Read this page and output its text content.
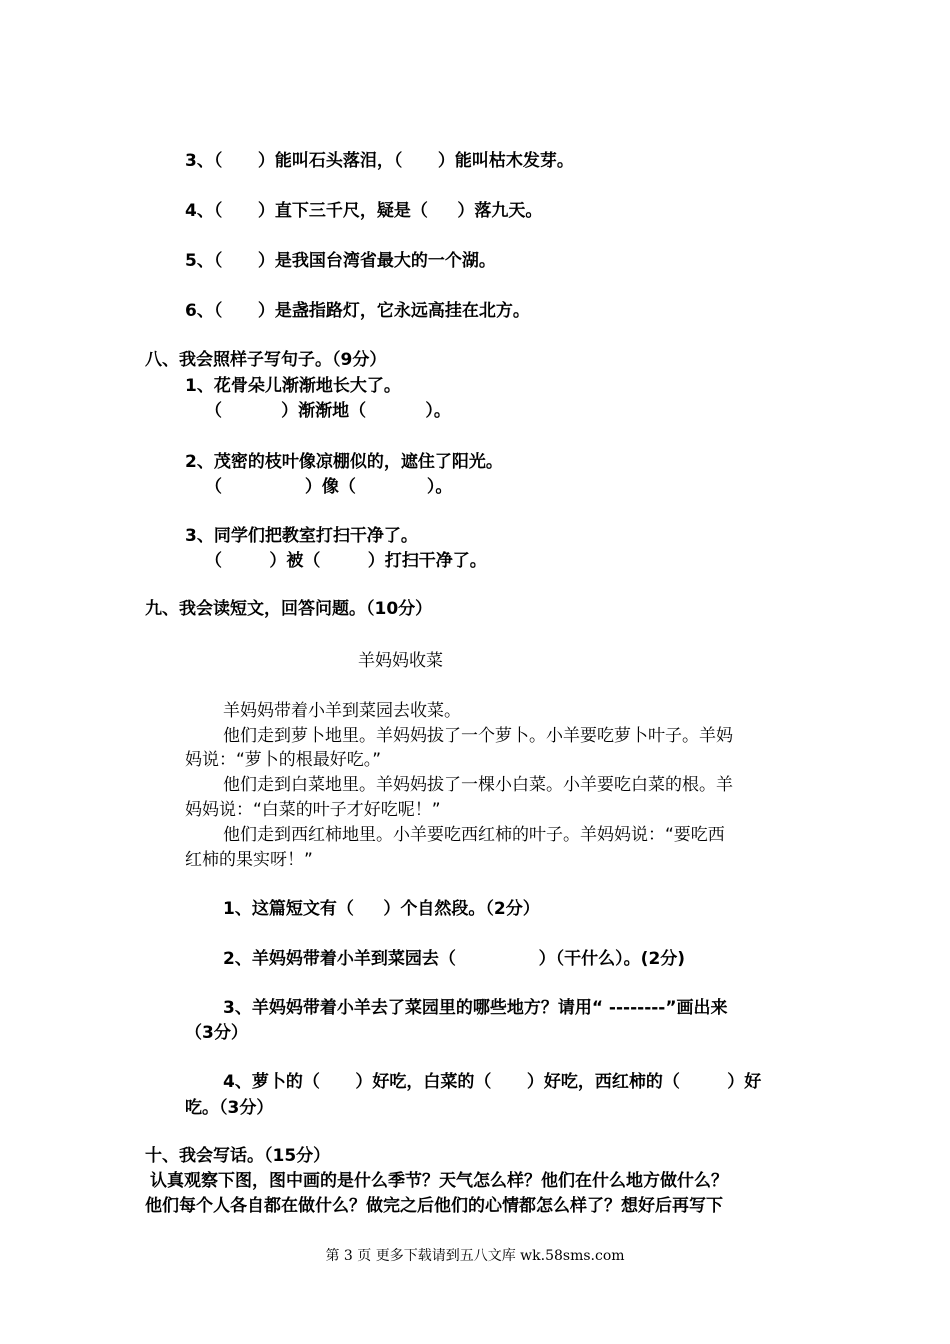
3、（      ）能叫石头落泪，（      ）能叫枯木发芽。
4、（      ）直下三千尺，疑是（     ）落九天。
5、（      ）是我国台湾省最大的一个湖。
6、（      ）是盏指路灯，它永远高挂在北方。
八、我会照样子写句子。（9分）
1、花骨朵儿渐渐地长大了。
（          ）渐渐地（          ）。
2、茂密的枝叶像凉棚似的，遮住了阳光。
（              ）像（            ）。
3、同学们把教室打扫干净了。
（        ）被（        ）打扫干净了。
九、我会读短文，回答问题。（10分）
羊妈妈收菜
羊妈妈带着小羊到菜园去收菜。
他们走到萝卜地里。羊妈妈拔了一个萝卜。小羊要吃萝卜叶子。羊妈
妈说：“萝卜的根最好吃。”
他们走到白菜地里。羊妈妈拔了一棵小白菜。小羊要吃白菜的根。羊
妈妈说：“白菜的叶子才好吃呢！”
他们走到西红柿地里。小羊要吃西红柿的叶子。羊妈妈说：“要吃西
红柿的果实呀！”
1、这篇短文有（     ）个自然段。（2分）
2、羊妈妈带着小羊到菜园去（              ）（干什么）。(2分)
3、羊妈妈带着小羊去了菜园里的哪些地方？请用“ --------”画出来
（3分）
4、萝卜的（      ）好吃，白菜的（      ）好吃，西红柿的（        ）好
吃。（3分）
十、我会写话。（15分）
认真观察下图，图中画的是什么季节？天气怎么样？他们在什么地方做什么？
他们每个人各自都在做什么？做完之后他们的心情都怎么样了？想好后再写下
第 3 页 更多下载请到五八文库 wk.58sms.com
